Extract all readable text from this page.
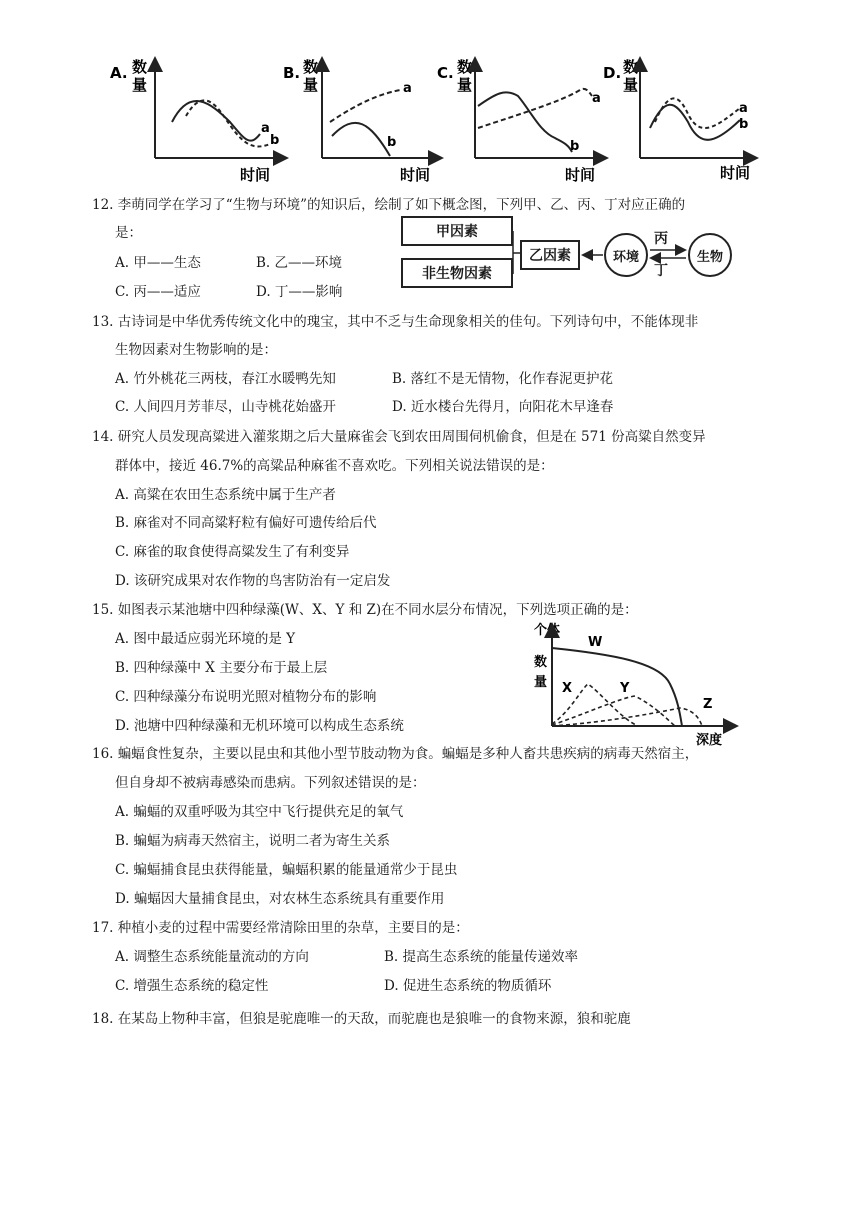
A. 数
量
a
b
时间
B. 数
量	a
b
时间
C. 数
量
a
b
时间
D. 数
量
a
b
时间
12. 李萌同学在学习了“生物与环境”的知识后，绘制了如下概念图，下列甲、乙、丙、丁对应正确的
是：
A. 甲——生态	B. 乙——环境
C. 丙——适应	D. 丁——影响
甲因素
非生物因素
乙因素	环境	生物
丙
丁
13. 古诗词是中华优秀传统文化中的瑰宝，其中不乏与生命现象相关的佳句。下列诗句中，不能体现非
生物因素对生物影响的是：
A. 竹外桃花三两枝，春江水暖鸭先知	B. 落红不是无情物，化作春泥更护花
C. 人间四月芳菲尽，山寺桃花始盛开	D. 近水楼台先得月，向阳花木早逢春
14. 研究人员发现高粱进入灌浆期之后大量麻雀会飞到农田周围伺机偷食，但是在 571 份高粱自然变异
群体中，接近 46.7%的高粱品种麻雀不喜欢吃。下列相关说法错误的是：
A. 高粱在农田生态系统中属于生产者
B. 麻雀对不同高粱籽粒有偏好可遗传给后代
C. 麻雀的取食使得高粱发生了有利变异
D. 该研究成果对农作物的鸟害防治有一定启发
15. 如图表示某池塘中四种绿藻(W、X、Y 和 Z)在不同水层分布情况，下列选项正确的是：
A. 图中最适应弱光环境的是 Y
B. 四种绿藻中 X 主要分布于最上层
C. 四种绿藻分布说明光照对植物分布的影响
D. 池塘中四种绿藻和无机环境可以构成生态系统
个 体
数
量
W
X	Y
Z
深度
16. 蝙蝠食性复杂，主要以昆虫和其他小型节肢动物为食。蝙蝠是多种人畜共患疾病的病毒天然宿主，
但自身却不被病毒感染而患病。下列叙述错误的是：
A. 蝙蝠的双重呼吸为其空中飞行提供充足的氧气
B. 蝙蝠为病毒天然宿主，说明二者为寄生关系
C. 蝙蝠捕食昆虫获得能量，蝙蝠积累的能量通常少于昆虫
D. 蝙蝠因大量捕食昆虫，对农林生态系统具有重要作用
17. 种植小麦的过程中需要经常清除田里的杂草，主要目的是：
A. 调整生态系统能量流动的方向	B. 提高生态系统的能量传递效率
C. 增强生态系统的稳定性	D. 促进生态系统的物质循环
18. 在某岛上物种丰富，但狼是驼鹿唯一的天敌，而驼鹿也是狼唯一的食物来源，狼和驼鹿
